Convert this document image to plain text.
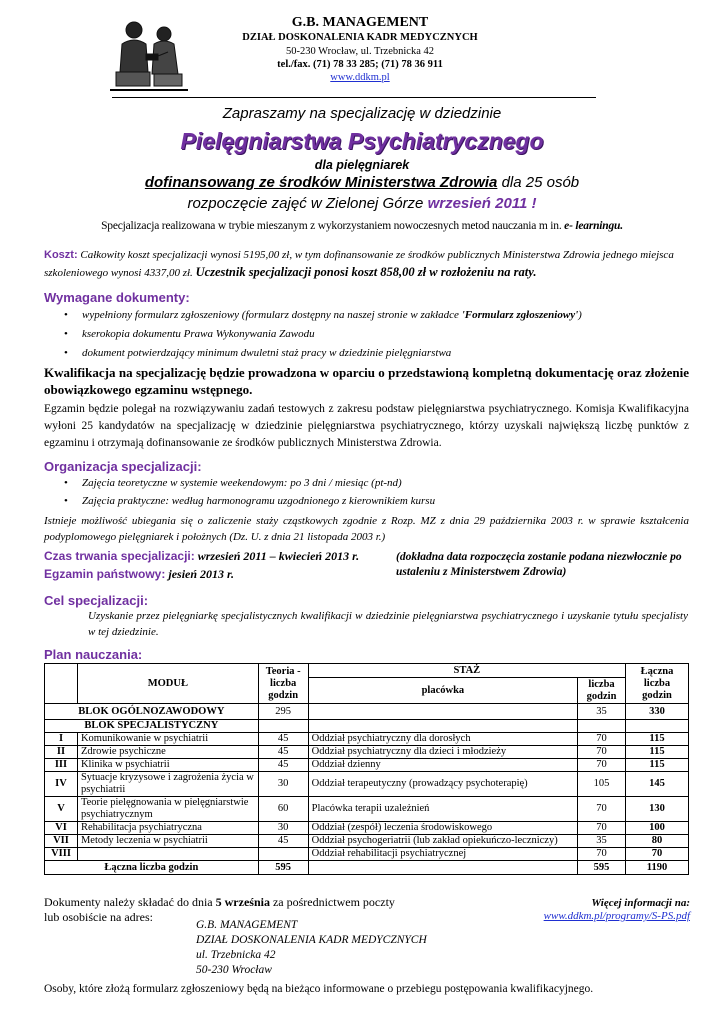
G.B. MANAGEMENT
DZIAŁ DOSKONALENIA KADR MEDYCZNYCH
50-230 Wrocław, ul. Trzebnicka 42
tel./fax. (71) 78 33 285; (71) 78 36 911
www.ddkm.pl
Zapraszamy na specjalizację w dziedzinie
Pielęgniarstwa Psychiatrycznego
dla pielęgniarek
dofinansowang ze środków Ministerstwa Zdrowia dla 25 osób
rozpoczęcie zajęć w Zielonej Górze wrzesień 2011 !
Specjalizacja realizowana w trybie mieszanym z wykorzystaniem nowoczesnych metod nauczania m in. e- learningu.
Koszt: Całkowity koszt specjalizacji wynosi 5195,00 zł, w tym dofinansowanie ze środków publicznych Ministerstwa Zdrowia jednego miejsca szkoleniowego wynosi 4337,00 zł. Uczestnik specjalizacji ponosi koszt 858,00 zł w rozłożeniu na raty.
Wymagane dokumenty:
• wypełniony formularz zgłoszeniowy (formularz dostępny na naszej stronie w zakładce 'Formularz zgłoszeniowy')
• kserokopia dokumentu Prawa Wykonywania Zawodu
• dokument potwierdzający minimum dwuletni staż pracy w dziedzinie pielęgniarstwa
Kwalifikacja na specjalizację będzie prowadzona w oparciu o przedstawioną kompletną dokumentację oraz złożenie obowiązkowego egzaminu wstępnego.
Egzamin będzie polegał na rozwiązywaniu zadań testowych z zakresu podstaw pielęgniarstwa psychiatrycznego. Komisja Kwalifikacyjna wyłoni 25 kandydatów na specjalizację w dziedzinie pielęgniarstwa psychiatrycznego, którzy uzyskali największą liczbę punktów z egzaminu i otrzymają dofinansowanie ze środków publicznych Ministerstwa Zdrowia.
Organizacja specjalizacji:
• Zajęcia teoretyczne w systemie weekendowym: po 3 dni / miesiąc (pt-nd)
• Zajęcia praktyczne: według harmonogramu uzgodnionego z kierownikiem kursu
Istnieje możliwość ubiegania się o zaliczenie staży cząstkowych zgodnie z Rozp. MZ z dnia 29 października 2003 r. w sprawie kształcenia podyplomowego pielęgniarek i położnych (Dz. U. z dnia 21 listopada 2003 r.)
Czas trwania specjalizacji: wrzesień 2011 – kwiecień 2013 r.
Egzamin państwowy: jesień 2013 r.
(dokładna data rozpoczęcia zostanie podana niezwłocznie po ustaleniu z Ministerstwem Zdrowia)
Cel specjalizacji:
Uzyskanie przez pielęgniarkę specjalistycznych kwalifikacji w dziedzinie pielęgniarstwa psychiatrycznego i uzyskanie tytułu specjalisty w tej dziedzinie.
Plan nauczania:
	MODUŁ	Teoria - liczba godzin	STAŻ		Łączna liczba godzin
			placówka	liczba godzin	
BLOK OGÓLNOZAWODOWY		295		35	330
BLOK SPECJALISTYCZNY					
I	Komunikowanie w psychiatrii	45	Oddział psychiatryczny dla dorosłych	70	115
II	Zdrowie psychiczne	45	Oddział psychiatryczny dla dzieci i młodzieży	70	115
III	Klinika w psychiatrii	45	Oddział dzienny	70	115
IV	Sytuacje kryzysowe i zagrożenia życia w psychiatrii	30	Oddział terapeutyczny (prowadzący psychoterapię)	105	145
V	Teorie pielęgnowania w pielęgniarstwie psychiatrycznym	60	Placówka terapii uzależnień	70	130
VI	Rehabilitacja psychiatryczna	30	Oddział (zespół) leczenia środowiskowego	70	100
VII	Metody leczenia w psychiatrii	45	Oddział psychogeriatrii (lub zakład opiekuńczo-leczniczy)	35	80
VIII			Oddział rehabilitacji psychiatrycznej	70	70
Łączna liczba godzin		595		595	1190
Dokumenty należy składać do dnia 5 września za pośrednictwem poczty
lub osobiście na adres:
Więcej informacji na:
www.ddkm.pl/programy/S-PS.pdf
G.B. MANAGEMENT
DZIAŁ DOSKONALENIA KADR MEDYCZNYCH
ul. Trzebnicka 42
50-230 Wrocław
Osoby, które złożą formularz zgłoszeniowy będą na bieżąco informowane o przebiegu postępowania kwalifikacyjnego.
